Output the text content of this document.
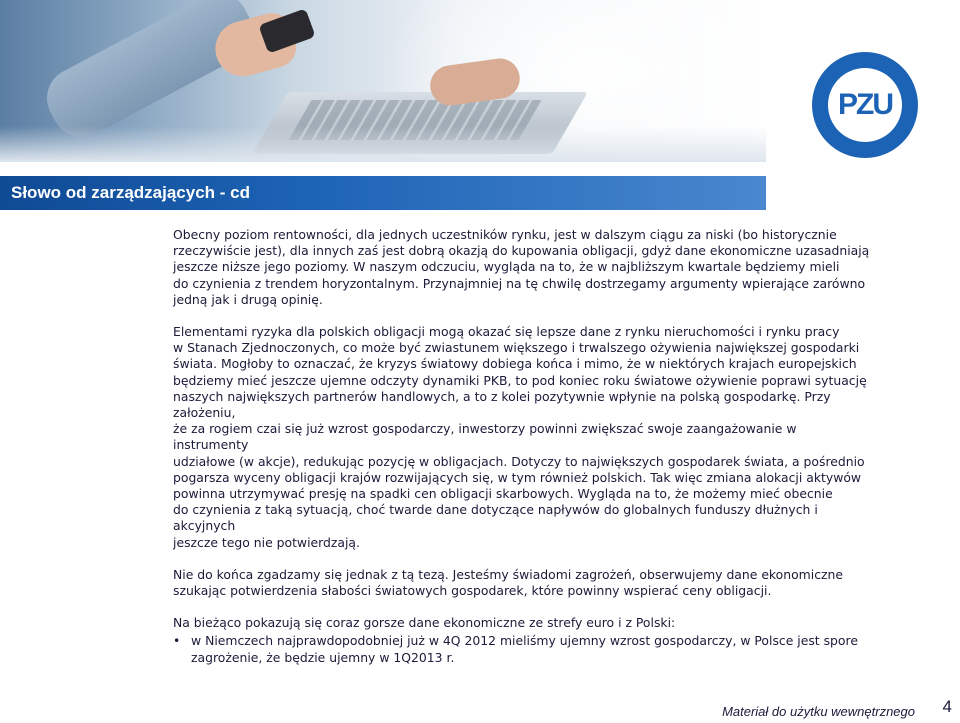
PZU
Słowo od zarządzających - cd

Obecny poziom rentowności, dla jednych uczestników rynku, jest w dalszym ciągu za niski (bo historycznie
rzeczywiście jest), dla innych zaś jest dobrą okazją do kupowania obligacji, gdyż dane ekonomiczne uzasadniają
jeszcze niższe jego poziomy. W naszym odczuciu, wygląda na to, że w najbliższym kwartale będziemy mieli
do czynienia z trendem horyzontalnym. Przynajmniej na tę chwilę dostrzegamy argumenty wpierające zarówno
jedną jak i drugą opinię.

Elementami ryzyka dla polskich obligacji mogą okazać się lepsze dane z rynku nieruchomości i rynku pracy
w Stanach Zjednoczonych, co może być zwiastunem większego i trwalszego ożywienia największej gospodarki
świata. Mogłoby to oznaczać, że kryzys światowy dobiega końca i mimo, że w niektórych krajach europejskich
będziemy mieć jeszcze ujemne odczyty dynamiki PKB, to pod koniec roku światowe ożywienie poprawi sytuację
naszych największych partnerów handlowych, a to z kolei pozytywnie wpłynie na polską gospodarkę. Przy założeniu,
że za rogiem czai się już wzrost gospodarczy, inwestorzy powinni zwiększać swoje zaangażowanie w instrumenty
udziałowe (w akcje), redukując pozycję w obligacjach. Dotyczy to największych gospodarek świata, a pośrednio
pogarsza wyceny obligacji krajów rozwijających się, w tym również polskich. Tak więc zmiana alokacji aktywów
powinna utrzymywać presję na spadki cen obligacji skarbowych. Wygląda na to, że możemy mieć obecnie
do czynienia z taką sytuacją, choć twarde dane dotyczące napływów do globalnych funduszy dłużnych i akcyjnych
jeszcze tego nie potwierdzają.

Nie do końca zgadzamy się jednak z tą tezą. Jesteśmy świadomi zagrożeń, obserwujemy dane ekonomiczne
szukając potwierdzenia słabości światowych gospodarek, które powinny wspierać ceny obligacji.

Na bieżąco pokazują się coraz gorsze dane ekonomiczne ze strefy euro i z Polski:

• w Niemczech najprawdopodobniej już w 4Q 2012 mieliśmy ujemny wzrost gospodarczy, w Polsce jest spore
zagrożenie, że będzie ujemny w 1Q2013 r.
Materiał do użytku wewnętrznego 4
